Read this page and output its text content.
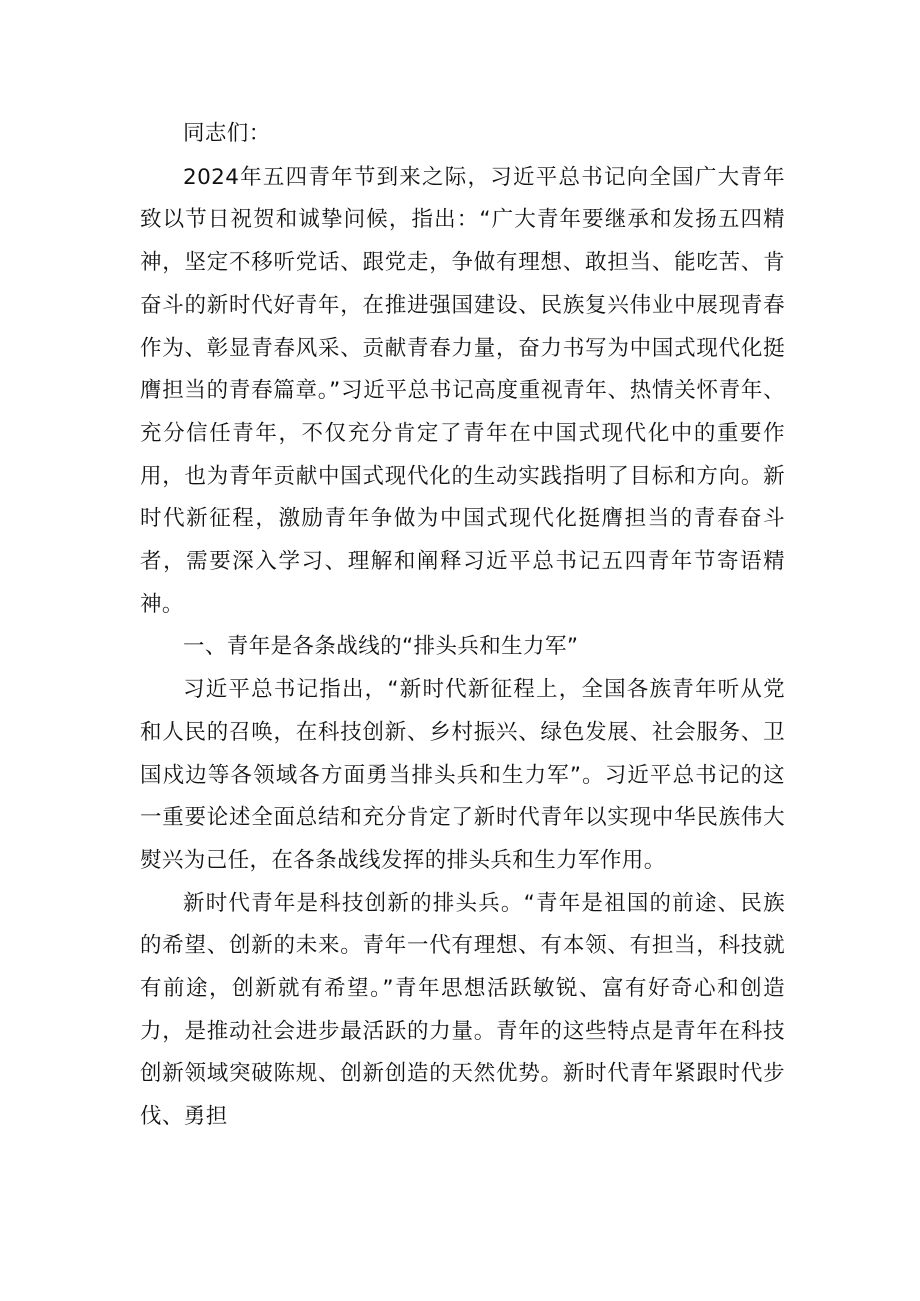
同志们：

2024年五四青年节到来之际，习近平总书记向全国广大青年致以节日祝贺和诚挚问候，指出：“广大青年要继承和发扬五四精神，坚定不移听党话、跟党走，争做有理想、敢担当、能吃苦、肯奋斗的新时代好青年，在推进强国建设、民族复兴伟业中展现青春作为、彰显青春风采、贡献青春力量，奋力书写为中国式现代化挺膺担当的青春篇章。”习近平总书记高度重视青年、热情关怀青年、充分信任青年，不仅充分肯定了青年在中国式现代化中的重要作用，也为青年贡献中国式现代化的生动实践指明了目标和方向。新时代新征程，激励青年争做为中国式现代化挺膺担当的青春奋斗者，需要深入学习、理解和阐释习近平总书记五四青年节寄语精神。

一、青年是各条战线的“排头兵和生力军”

习近平总书记指出，“新时代新征程上，全国各族青年听从党和人民的召唤，在科技创新、乡村振兴、绿色发展、社会服务、卫国戍边等各领域各方面勇当排头兵和生力军”。习近平总书记的这一重要论述全面总结和充分肯定了新时代青年以实现中华民族伟大熨兴为己任，在各条战线发挥的排头兵和生力军作用。

新时代青年是科技创新的排头兵。“青年是祖国的前途、民族的希望、创新的未来。青年一代有理想、有本领、有担当，科技就有前途，创新就有希望。”青年思想活跃敏锐、富有好奇心和创造力，是推动社会进步最活跃的力量。青年的这些特点是青年在科技创新领域突破陈规、创新创造的天然优势。新时代青年紧跟时代步伐、勇担
